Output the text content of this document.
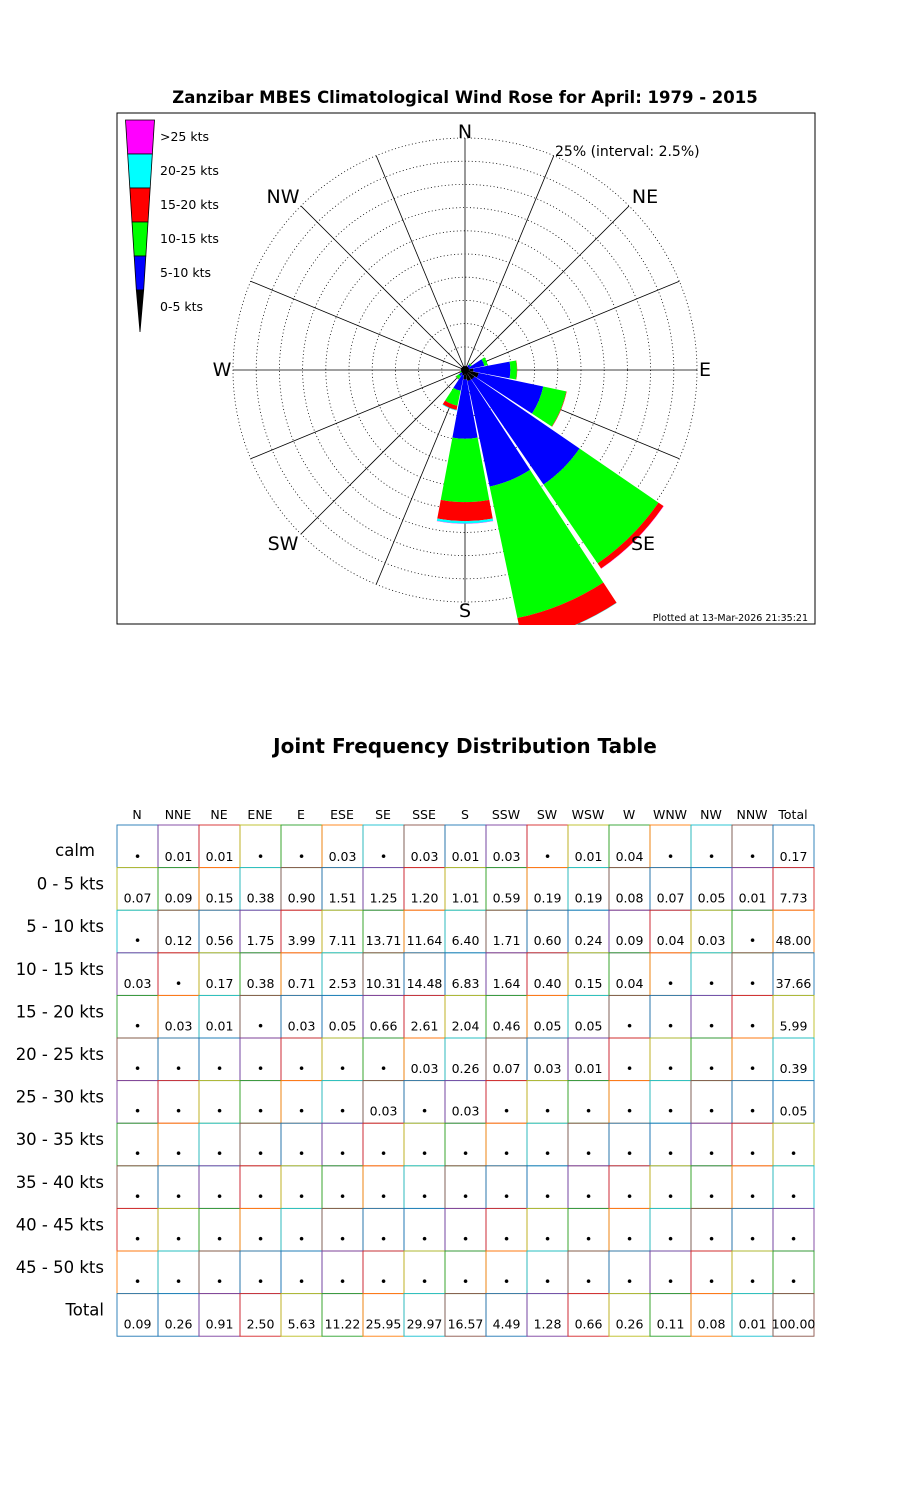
Zanzibar MBES Climatological Wind Rose for April: 1979 - 2015
N
NE
E
SE
S
SW
W
NW
25% (interval: 2.5%)
Plotted at 13-Mar-2026 21:35:21
>25 kts
20-25 kts
15-20 kts
10-15 kts
5-10 kts
0-5 kts
Joint Frequency Distribution Table
N NNE NE ENE E ESE SE SSE S SSW SW WSW W WNW NW NNW Total
calm	• 0.01 0.01 •	• 0.03 • 0.03 0.01 0.03 • 0.01 0.04 •	•	• 0.17
0 - 5 kts
0.07 0.09 0.15 0.38 0.90 1.51 1.25 1.20 1.01 0.59 0.19 0.19 0.08 0.07 0.05 0.01 7.73
5 - 10 kts
• 0.12 0.56 1.75 3.99 7.11 13.71 11.64 6.40 1.71 0.60 0.24 0.09 0.04 0.03 • 48.00
10 - 15 kts
0.03 • 0.17 0.38 0.71 2.53 10.31 14.48 6.83 1.64 0.40 0.15 0.04 •	•	• 37.66
15 - 20 kts
• 0.03 0.01 • 0.03 0.05 0.66 2.61 2.04 0.46 0.05 0.05 •	•	•	• 5.99
20 - 25 kts
•	•	•	•	•	•	• 0.03 0.26 0.07 0.03 0.01 •	•	•	• 0.39
25 - 30 kts
•	•	•	•	•	• 0.03 • 0.03 •	•	•	•	•	•	• 0.05
30 - 35 kts
•	•	•	•	•	•	•	•	•	•	•	•	•	•	•	•	•
35 - 40 kts
•	•	•	•	•	•	•	•	•	•	•	•	•	•	•	•	•
40 - 45 kts
•	•	•	•	•	•	•	•	•	•	•	•	•	•	•	•	•
45 - 50 kts
•	•	•	•	•	•	•	•	•	•	•	•	•	•	•	•	•
Total
0.09 0.26 0.91 2.50 5.63 11.22 25.95 29.97 16.57 4.49 1.28 0.66 0.26 0.11 0.08 0.01 100.00
